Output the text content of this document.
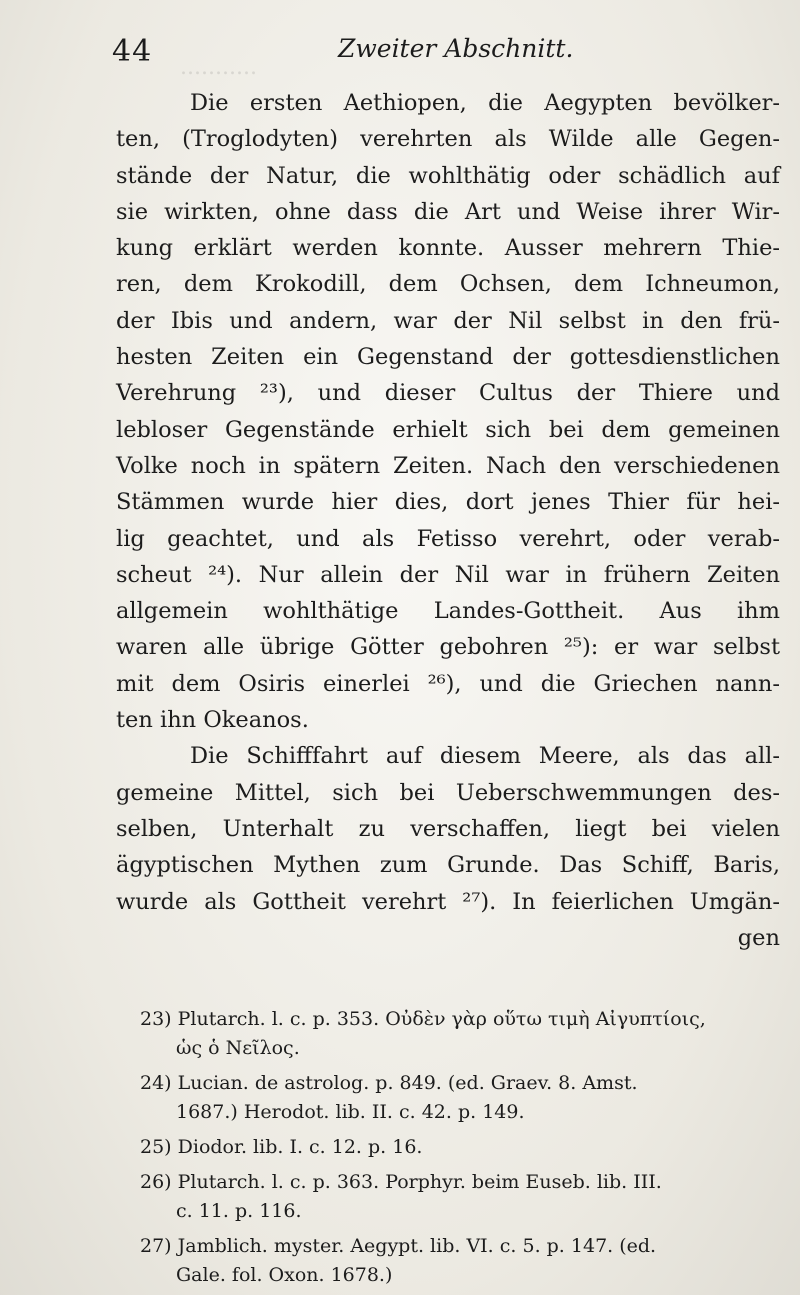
...........
44	Zweiter Abschnitt.
Die ersten Aethiopen, die Aegypten bevölker-
ten, (Troglodyten) verehrten als Wilde alle Gegen-
stände der Natur, die wohlthätig oder schädlich auf
sie wirkten, ohne dass die Art und Weise ihrer Wir-
kung erklärt werden konnte. Ausser mehrern Thie-
ren, dem Krokodill, dem Ochsen, dem Ichneumon,
der Ibis und andern, war der Nil selbst in den frü-
hesten Zeiten ein Gegenstand der gottesdienstlichen
Verehrung ²³), und dieser Cultus der Thiere und
lebloser Gegenstände erhielt sich bei dem gemeinen
Volke noch in spätern Zeiten. Nach den verschiedenen
Stämmen wurde hier dies, dort jenes Thier für hei-
lig geachtet, und als Fetisso verehrt, oder verab-
scheut ²⁴). Nur allein der Nil war in frühern Zeiten
allgemein wohlthätige Landes-Gottheit. Aus ihm
waren alle übrige Götter gebohren ²⁵): er war selbst
mit dem Osiris einerlei ²⁶), und die Griechen nann-
ten ihn Okeanos.
Die Schifffahrt auf diesem Meere, als das all-
gemeine Mittel, sich bei Ueberschwemmungen des-
selben, Unterhalt zu verschaffen, liegt bei vielen
ägyptischen Mythen zum Grunde. Das Schiff, Baris,
wurde als Gottheit verehrt ²⁷). In feierlichen Umgän-
gen
23) Plutarch. l. c. p. 353. Οὐδὲν γὰρ οὕτω τιμὴ Αἰγυπτίοις,
ὡς ὁ Νεῖλος.
24) Lucian. de astrolog. p. 849. (ed. Graev. 8. Amst.
1687.) Herodot. lib. II. c. 42. p. 149.
25) Diodor. lib. I. c. 12. p. 16.
26) Plutarch. l. c. p. 363. Porphyr. beim Euseb. lib. III.
c. 11. p. 116.
27) Jamblich. myster. Aegypt. lib. VI. c. 5. p. 147. (ed.
Gale. fol. Oxon. 1678.)
